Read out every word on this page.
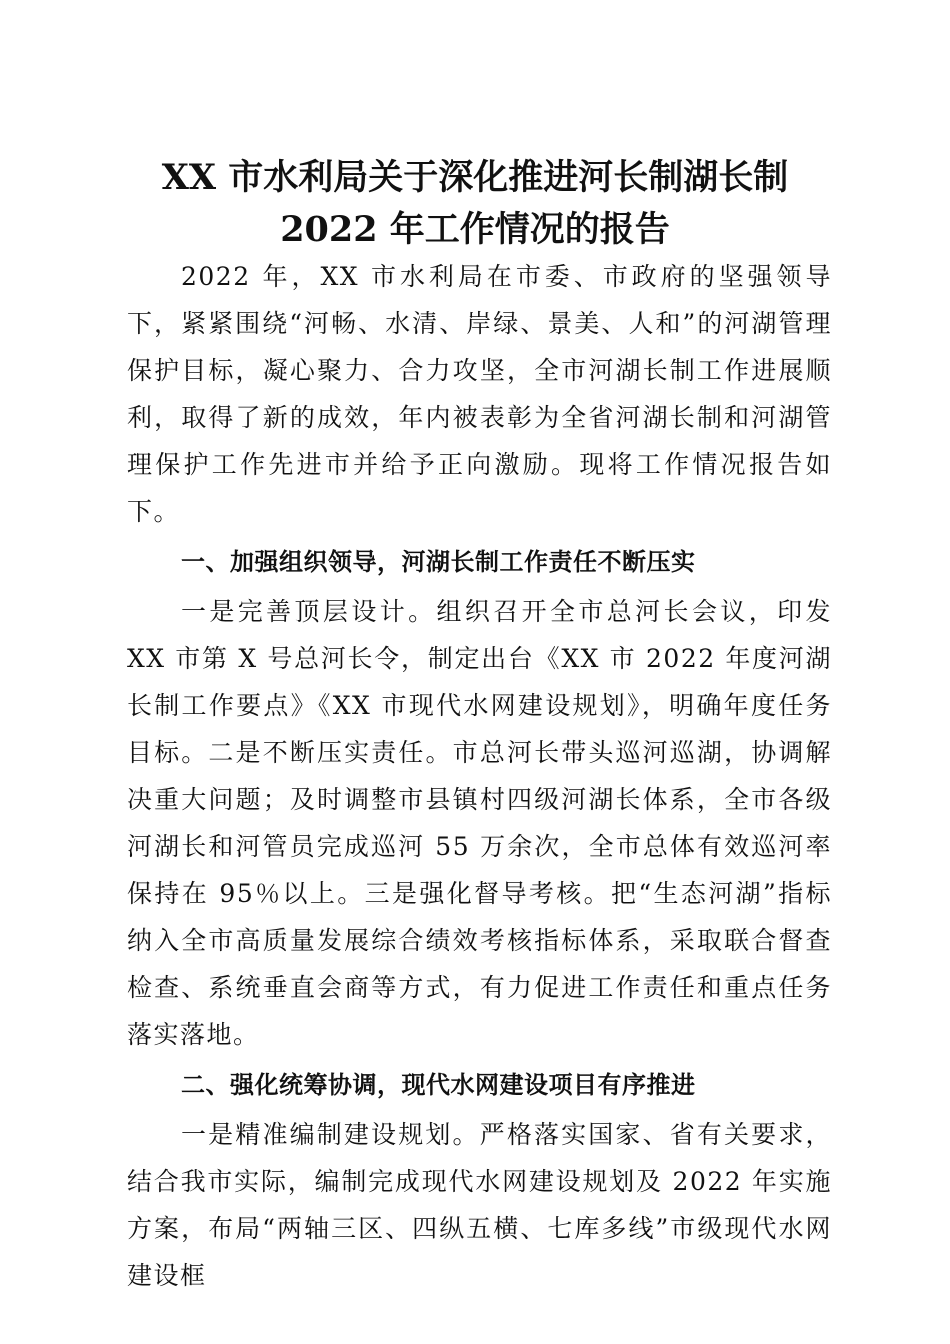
XX 市水利局关于深化推进河长制湖长制 2022 年工作情况的报告

2022 年，XX 市水利局在市委、市政府的坚强领导下，紧紧围绕“河畅、水清、岸绿、景美、人和”的河湖管理保护目标，凝心聚力、合力攻坚，全市河湖长制工作进展顺利，取得了新的成效，年内被表彰为全省河湖长制和河湖管理保护工作先进市并给予正向激励。现将工作情况报告如下。

一、加强组织领导，河湖长制工作责任不断压实

一是完善顶层设计。组织召开全市总河长会议，印发 XX 市第 X 号总河长令，制定出台《XX 市 2022 年度河湖长制工作要点》《XX 市现代水网建设规划》，明确年度任务目标。二是不断压实责任。市总河长带头巡河巡湖，协调解决重大问题；及时调整市县镇村四级河湖长体系，全市各级河湖长和河管员完成巡河 55 万余次，全市总体有效巡河率保持在 95％以上。三是强化督导考核。把“生态河湖”指标纳入全市高质量发展综合绩效考核指标体系，采取联合督查检查、系统垂直会商等方式，有力促进工作责任和重点任务落实落地。

二、强化统筹协调，现代水网建设项目有序推进

一是精准编制建设规划。严格落实国家、省有关要求，结合我市实际，编制完成现代水网建设规划及 2022 年实施方案，布局“两轴三区、四纵五横、七库多线”市级现代水网建设框
